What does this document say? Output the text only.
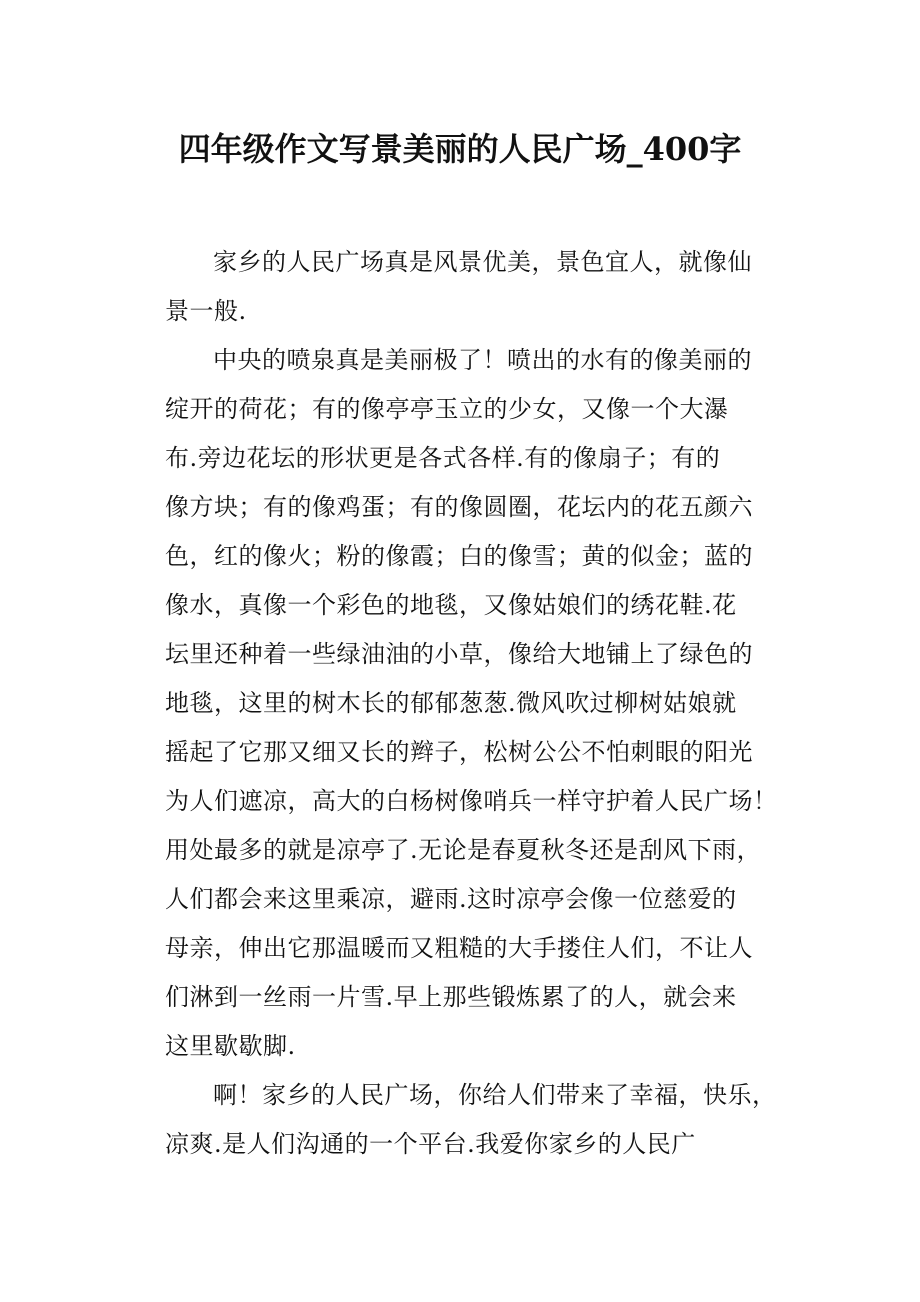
四年级作文写景美丽的人民广场_400字
家乡的人民广场真是风景优美，景色宜人，就像仙
景一般.
中央的喷泉真是美丽极了！喷出的水有的像美丽的
绽开的荷花；有的像亭亭玉立的少女，又像一个大瀑
布.旁边花坛的形状更是各式各样.有的像扇子；有的
像方块；有的像鸡蛋；有的像圆圈，花坛内的花五颜六
色，红的像火；粉的像霞；白的像雪；黄的似金；蓝的
像水，真像一个彩色的地毯，又像姑娘们的绣花鞋.花
坛里还种着一些绿油油的小草，像给大地铺上了绿色的
地毯，这里的树木长的郁郁葱葱.微风吹过柳树姑娘就
摇起了它那又细又长的辫子，松树公公不怕刺眼的阳光
为人们遮凉，高大的白杨树像哨兵一样守护着人民广场！
用处最多的就是凉亭了.无论是春夏秋冬还是刮风下雨，
人们都会来这里乘凉，避雨.这时凉亭会像一位慈爱的
母亲，伸出它那温暖而又粗糙的大手搂住人们，不让人
们淋到一丝雨一片雪.早上那些锻炼累了的人，就会来
这里歇歇脚.
啊！家乡的人民广场，你给人们带来了幸福，快乐，
凉爽.是人们沟通的一个平台.我爱你家乡的人民广
